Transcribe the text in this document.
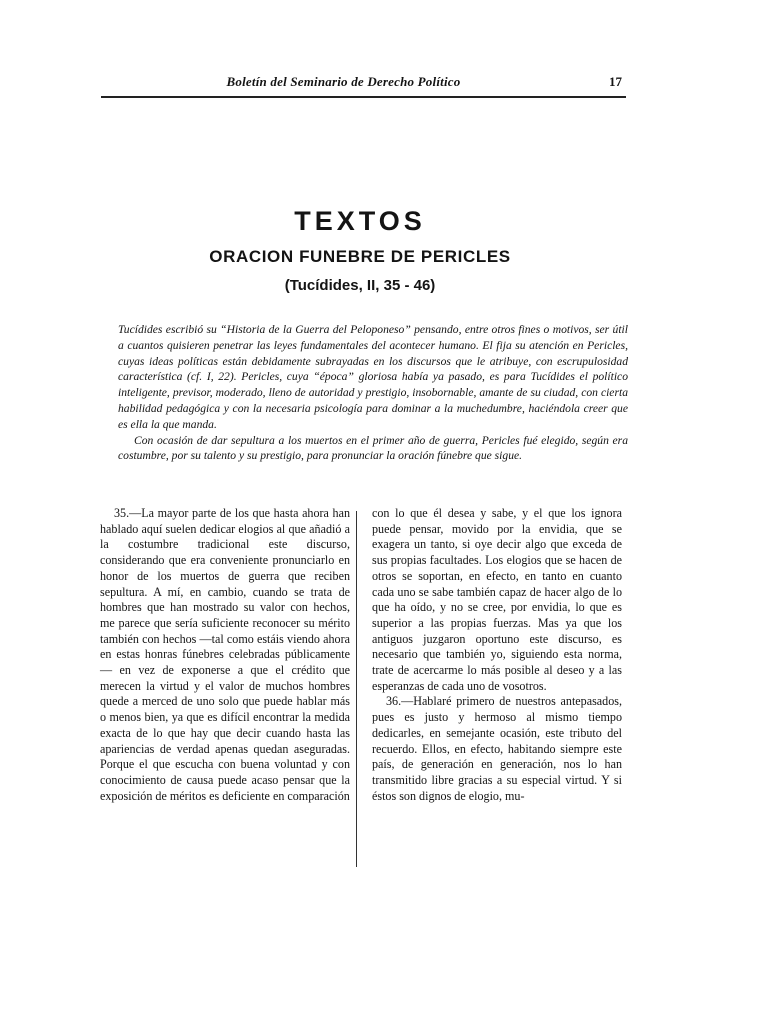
Boletín del Seminario de Derecho Político	17
TEXTOS
ORACION FUNEBRE DE PERICLES
(Tucídides, II, 35 - 46)

Tucídides escribió su “Historia de la Guerra del Peloponeso” pensando, entre otros fines o motivos, ser útil a cuantos quisieren penetrar las leyes fundamentales del acontecer humano. El fija su atención en Pericles, cuyas ideas políticas están debidamente subrayadas en los discursos que le atribuye, con escrupulosidad característica (cf. I, 22). Pericles, cuya “época” gloriosa había ya pasado, es para Tucídides el político inteligente, previsor, moderado, lleno de autoridad y prestigio, insobornable, amante de su ciudad, con cierta habilidad pedagógica y con la necesaria psicología para dominar a la muchedumbre, haciéndola creer que es ella la que manda.

Con ocasión de dar sepultura a los muertos en el primer año de guerra, Pericles fué elegido, según era costumbre, por su talento y su prestigio, para pronunciar la oración fúnebre que sigue.

35.—La mayor parte de los que hasta ahora han hablado aquí suelen dedicar elogios al que añadió a la costumbre tradicional este discurso, considerando que era conveniente pronunciarlo en honor de los muertos de guerra que reciben sepultura. A mí, en cambio, cuando se trata de hombres que han mostrado su valor con hechos, me parece que sería suficiente reconocer su mérito también con hechos —tal como estáis viendo ahora en estas honras fúnebres celebradas públicamente— en vez de exponerse a que el crédito que merecen la virtud y el valor de muchos hombres quede a merced de uno solo que puede hablar más o menos bien, ya que es difícil encontrar la medida exacta de lo que hay que decir cuando hasta las apariencias de verdad apenas quedan aseguradas. Porque el que escucha con buena voluntad y con conocimiento de causa puede acaso pensar que la exposición de méritos es deficiente en comparación

con lo que él desea y sabe, y el que los ignora puede pensar, movido por la envidia, que se exagera un tanto, si oye decir algo que exceda de sus propias facultades. Los elogios que se hacen de otros se soportan, en efecto, en tanto en cuanto cada uno se sabe también capaz de hacer algo de lo que ha oído, y no se cree, por envidia, lo que es superior a las propias fuerzas. Mas ya que los antiguos juzgaron oportuno este discurso, es necesario que también yo, siguiendo esta norma, trate de acercarme lo más posible al deseo y a las esperanzas de cada uno de vosotros.

36.—Hablaré primero de nuestros antepasados, pues es justo y hermoso al mismo tiempo dedicarles, en semejante ocasión, este tributo del recuerdo. Ellos, en efecto, habitando siempre este país, de generación en generación, nos lo han transmitido libre gracias a su especial virtud. Y si éstos son dignos de elogio, mu-
